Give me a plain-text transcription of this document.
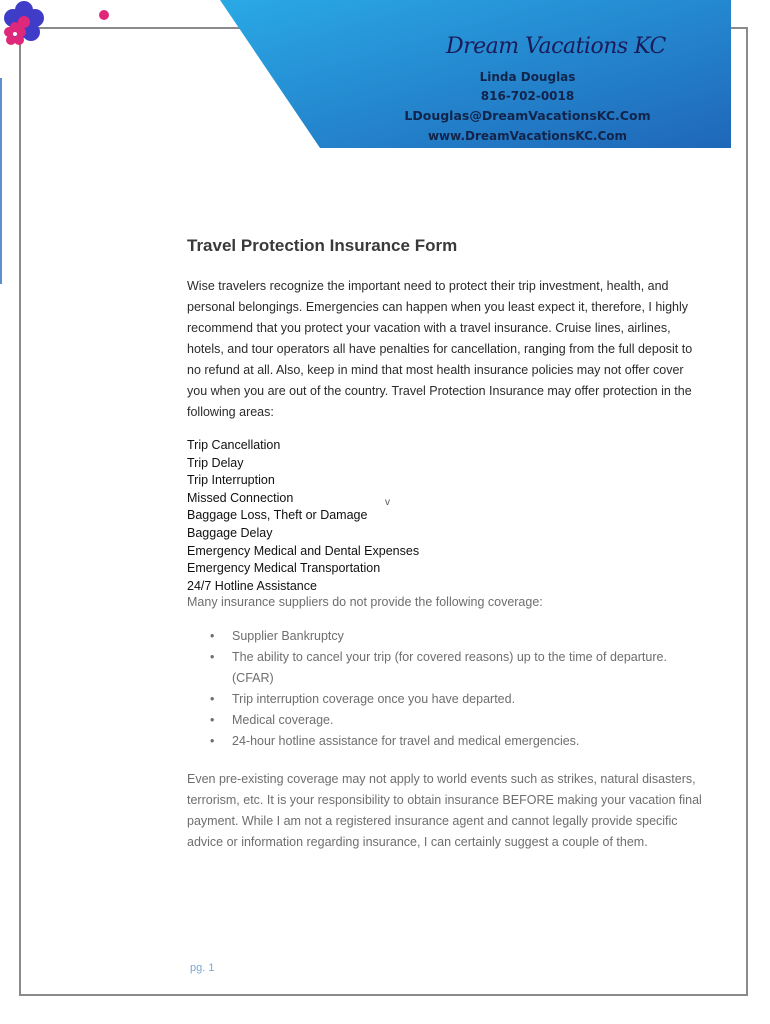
Dream Vacations KC
Linda Douglas
816-702-0018
LDouglas@DreamVacationsKC.Com
www.DreamVacationsKC.Com
Travel Protection Insurance Form
Wise travelers recognize the important need to protect their trip investment, health, and personal belongings. Emergencies can happen when you least expect it, therefore, I highly recommend that you protect your vacation with a travel insurance. Cruise lines, airlines, hotels, and tour operators all have penalties for cancellation, ranging from the full deposit to no refund at all. Also, keep in mind that most health insurance policies may not offer cover you when you are out of the country. Travel Protection Insurance may offer protection in the following areas:
Trip Cancellation
Trip Delay
Trip Interruption
Missed Connection
Baggage Loss, Theft or Damage
Baggage Delay
Emergency Medical and Dental Expenses
Emergency Medical Transportation
24/7 Hotline Assistance
v
Many insurance suppliers do not provide the following coverage:
• Supplier Bankruptcy
• The ability to cancel your trip (for covered reasons) up to the time of departure. (CFAR)
• Trip interruption coverage once you have departed.
• Medical coverage.
• 24-hour hotline assistance for travel and medical emergencies.
Even pre-existing coverage may not apply to world events such as strikes, natural disasters, terrorism, etc. It is your responsibility to obtain insurance BEFORE making your vacation final payment. While I am not a registered insurance agent and cannot legally provide specific advice or information regarding insurance, I can certainly suggest a couple of them.
pg. 1
